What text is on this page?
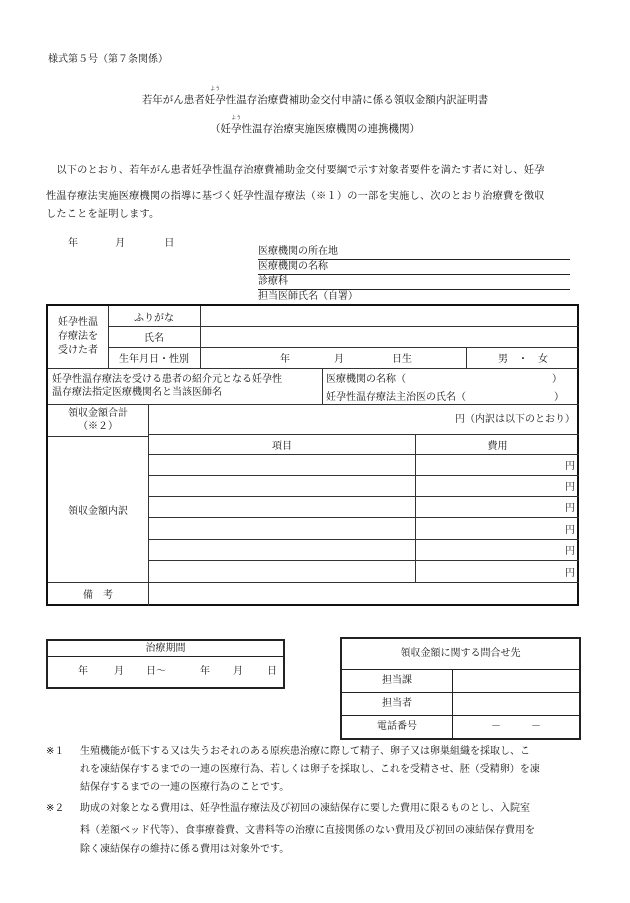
様式第５号（第７条関係）
若年がん患者
よう
妊孕性温存治療費補助金交付申請に係る領収金額内訳証明書
（妊
よう
孕性温存治療実施医療機関の連携機関）
　以下のとおり、若年がん患者妊孕性温存治療費補助金交付要綱で示す対象者要件を満たす者に対し、妊孕
性温存療法実施医療機関の指導に基づく妊孕性温存療法（※１）の一部を実施し、次のとおり治療費を徴収
したことを証明します。
年	月	日
医療機関の所在地
医療機関の名称
診療科
担当医師氏名（自署）
妊孕性温
存療法を
受けた者
ふりがな
氏名
生年月日・性別	年	月	日生	男 ・ 女
妊孕性温存療法を受ける患者の紹介元となる妊孕性
温存療法指定医療機関名と当該医師名
医療機関の名称（	）
妊孕性温存療法主治医の氏名（	）
領収金額合計
（※２）
円（内訳は以下のとおり）
領収金額内訳
項目	費用
円
円
円
円
円
円
備　考
治療期間
年	月 日～	年 月 日
領収金額に関する問合せ先
担当課
担当者
電話番号	－　　　－
※１ 生殖機能が低下する又は失うおそれのある原疾患治療に際して精子、卵子又は卵巣組織を採取し、こ
れを凍結保存するまでの一連の医療行為、若しくは卵子を採取し、これを受精させ、胚（受精卵）を凍
結保存するまでの一連の医療行為のことです。
※２ 助成の対象となる費用は、妊孕性温存療法及び初回の凍結保存に要した費用に限るものとし、入院室
料（差額ベッド代等）、食事療養費、文書料等の治療に直接関係のない費用及び初回の凍結保存費用を
除く凍結保存の維持に係る費用は対象外です。
